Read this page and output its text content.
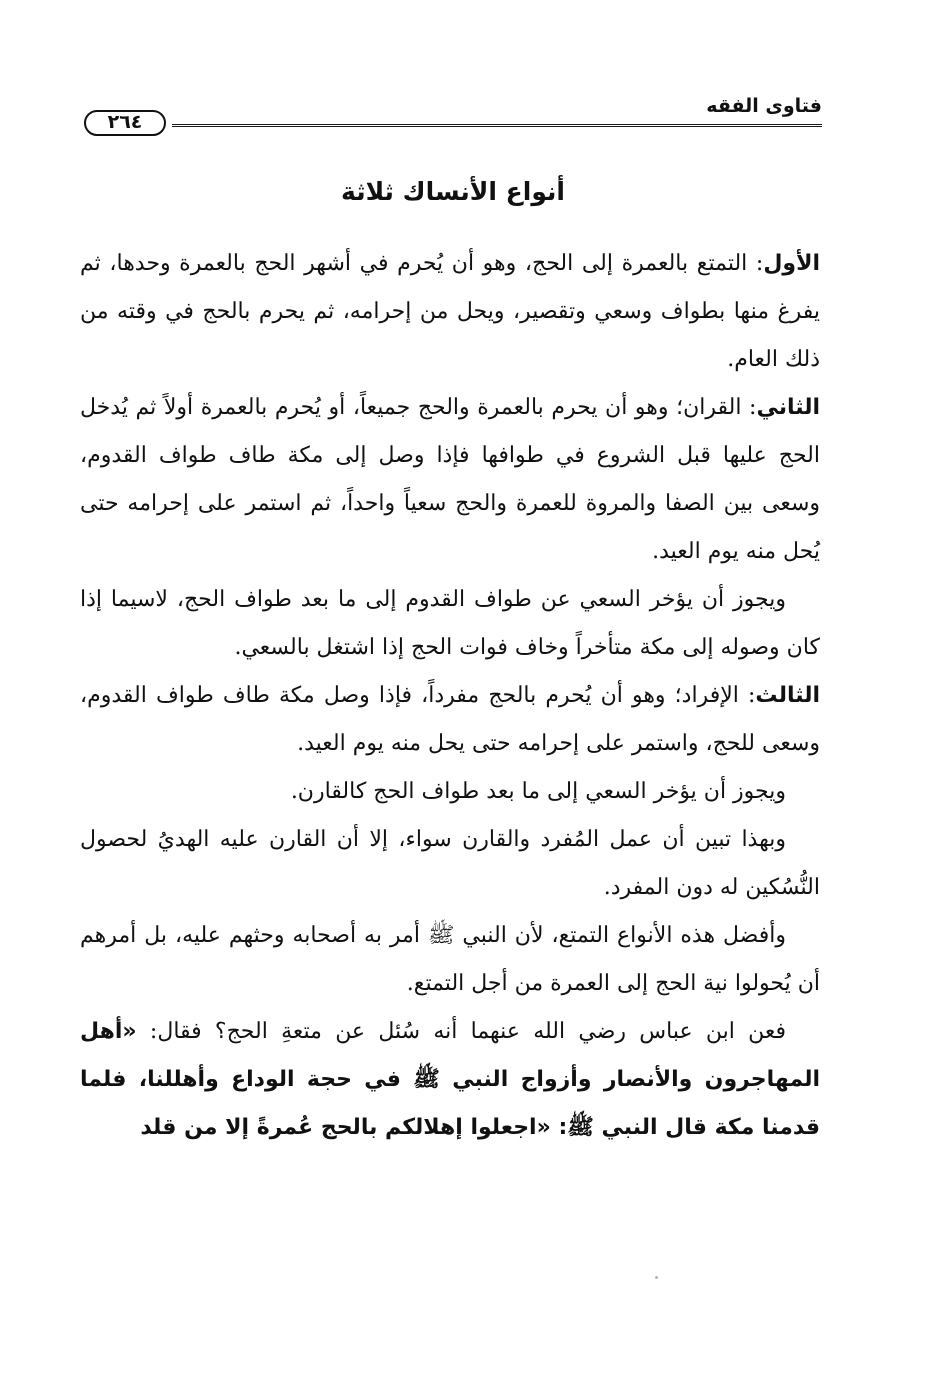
فتاوى الفقه
٢٦٤
أنواع الأنساك ثلاثة

الأول: التمتع بالعمرة إلى الحج، وهو أن يُحرم في أشهر الحج بالعمرة وحدها، ثم يفرغ منها بطواف وسعي وتقصير، ويحل من إحرامه، ثم يحرم بالحج في وقته من ذلك العام.

الثاني: القران؛ وهو أن يحرم بالعمرة والحج جميعاً، أو يُحرم بالعمرة أولاً ثم يُدخل الحج عليها قبل الشروع في طوافها فإذا وصل إلى مكة طاف طواف القدوم، وسعى بين الصفا والمروة للعمرة والحج سعياً واحداً، ثم استمر على إحرامه حتى يُحل منه يوم العيد.

ويجوز أن يؤخر السعي عن طواف القدوم إلى ما بعد طواف الحج، لاسيما إذا كان وصوله إلى مكة متأخراً وخاف فوات الحج إذا اشتغل بالسعي.

الثالث: الإفراد؛ وهو أن يُحرم بالحج مفرداً، فإذا وصل مكة طاف طواف القدوم، وسعى للحج، واستمر على إحرامه حتى يحل منه يوم العيد.

ويجوز أن يؤخر السعي إلى ما بعد طواف الحج كالقارن.

وبهذا تبين أن عمل المُفرد والقارن سواء، إلا أن القارن عليه الهديُ لحصول النُّسُكين له دون المفرد.

وأفضل هذه الأنواع التمتع، لأن النبي ﷺ أمر به أصحابه وحثهم عليه، بل أمرهم أن يُحولوا نية الحج إلى العمرة من أجل التمتع.

فعن ابن عباس رضي الله عنهما أنه سُئل عن متعةِ الحج؟ فقال: «أهل المهاجرون والأنصار وأزواج النبي ﷺ في حجة الوداع وأهللنا، فلما قدمنا مكة قال النبي ﷺ: «اجعلوا إهلالكم بالحج عُمرةً إلا من قلد
